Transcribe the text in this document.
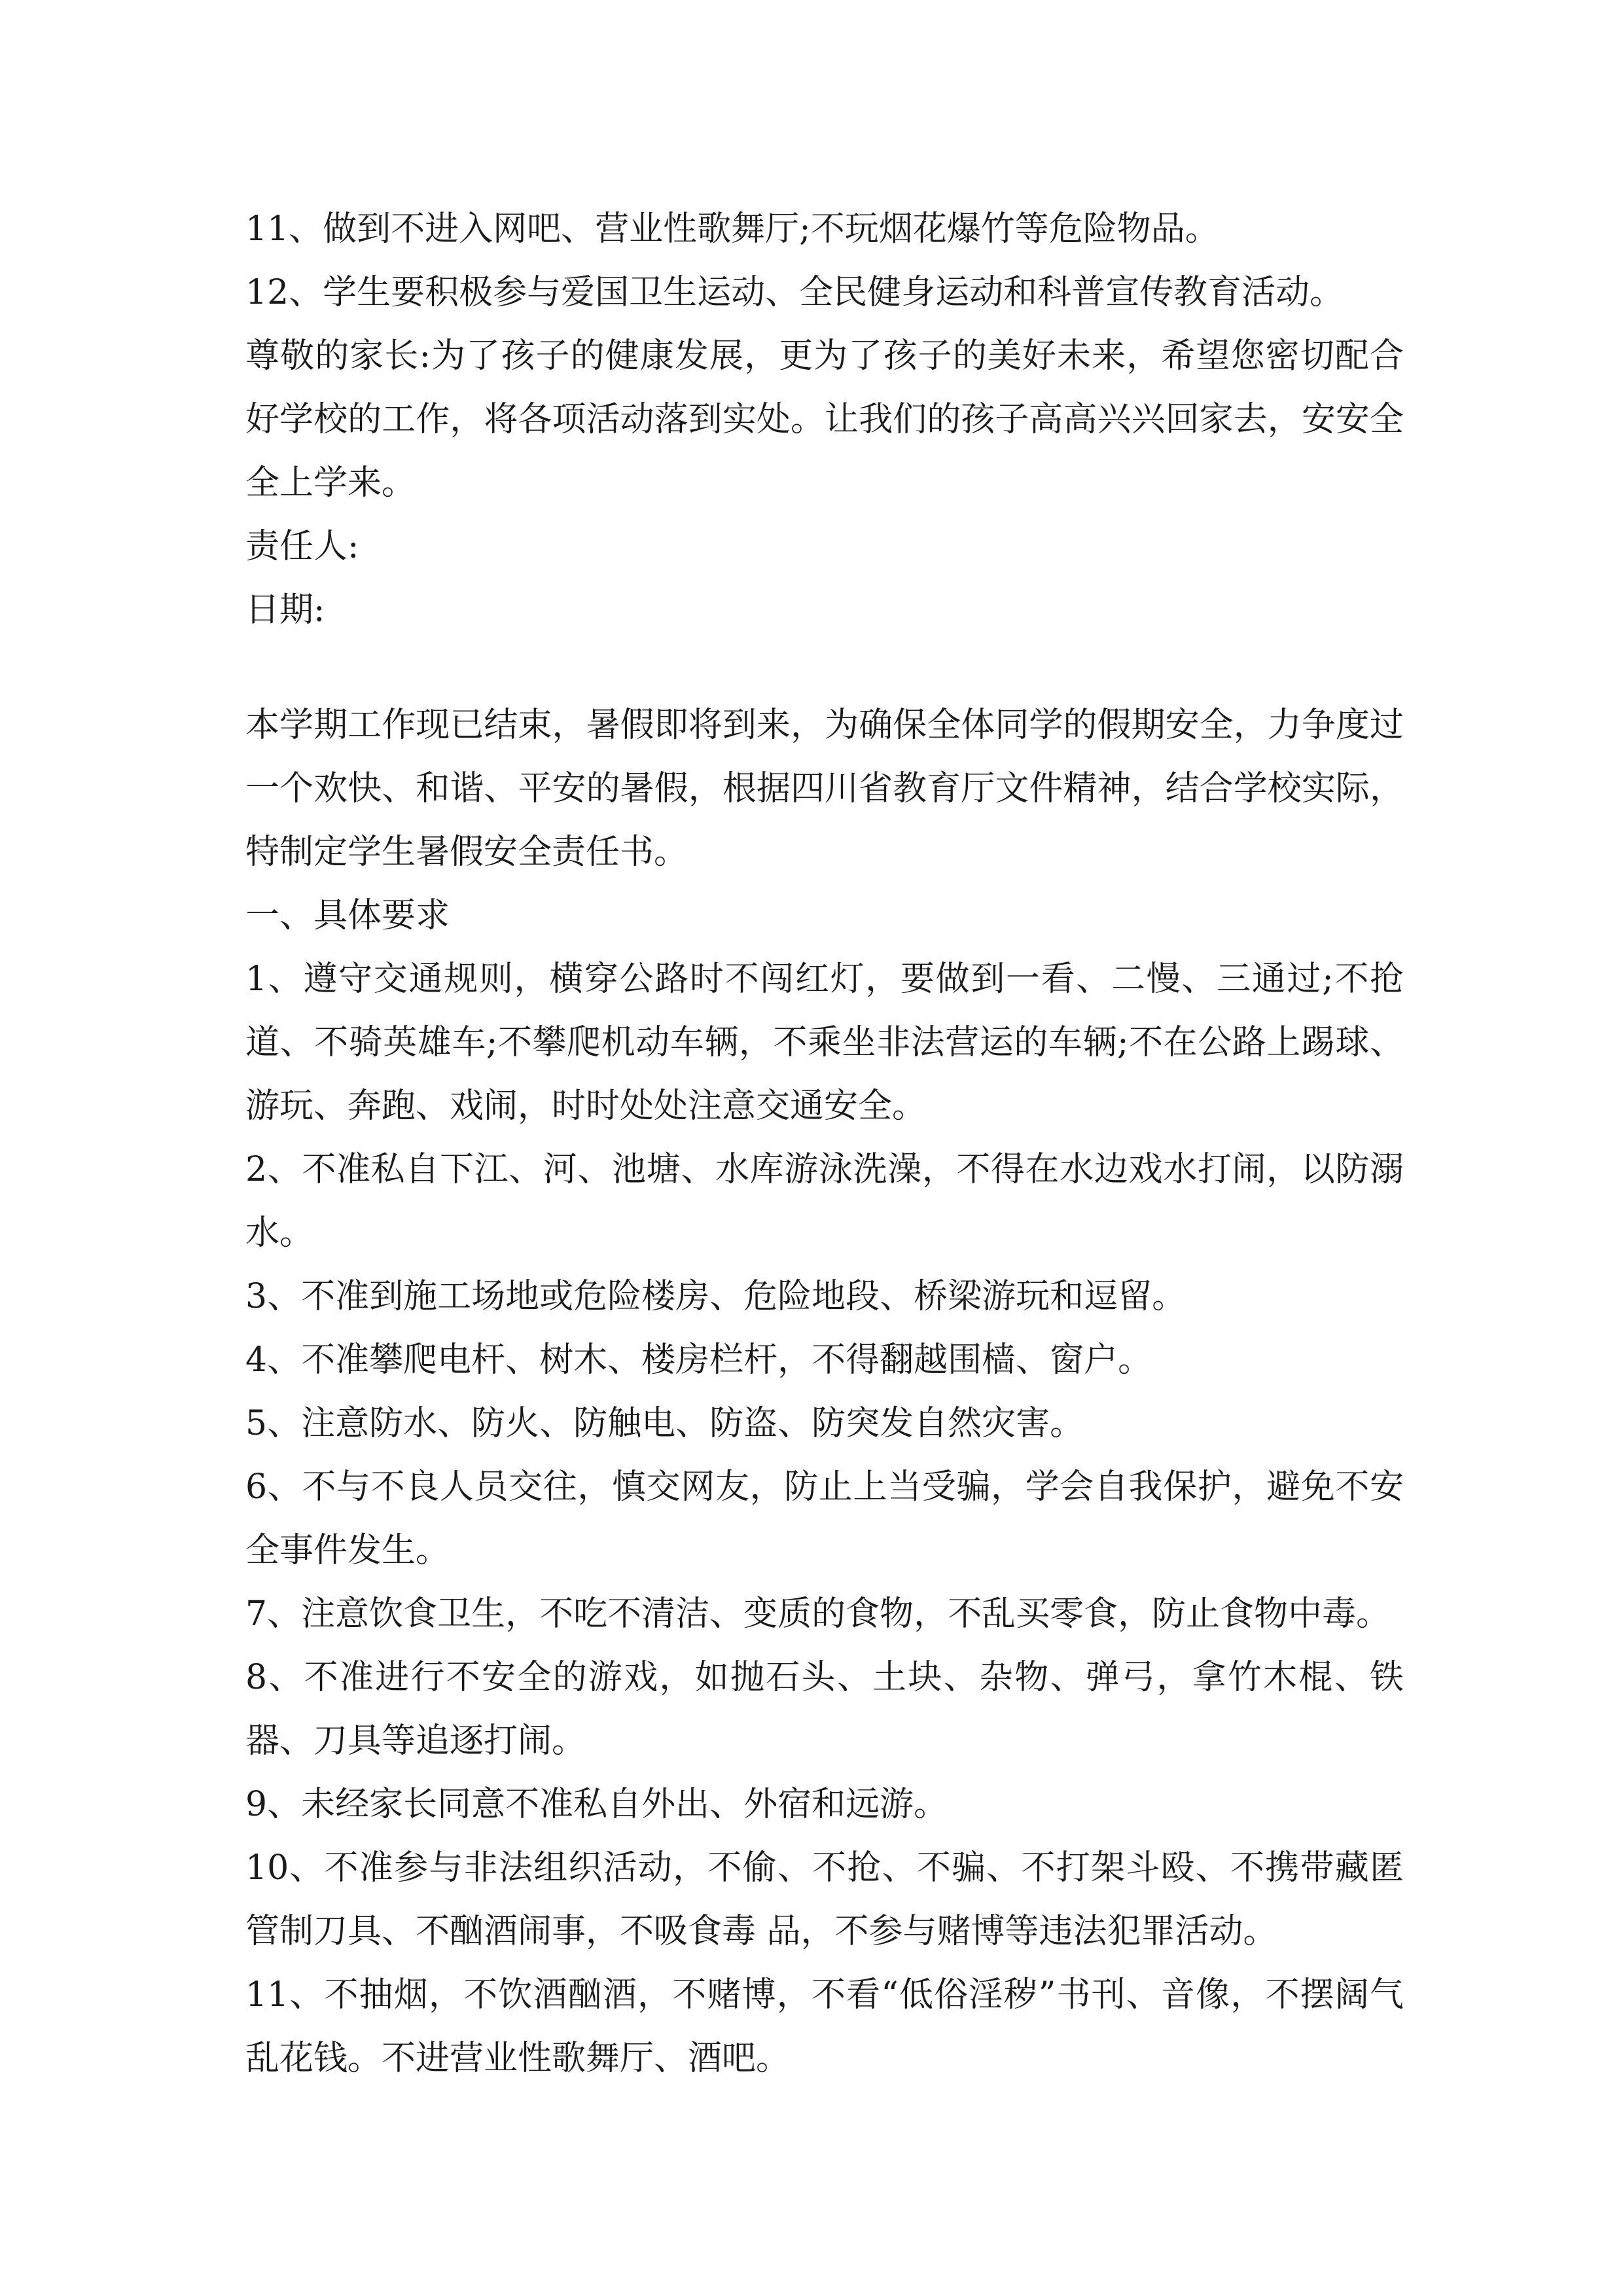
11、做到不进入网吧、营业性歌舞厅;不玩烟花爆竹等危险物品。

12、学生要积极参与爱国卫生运动、全民健身运动和科普宣传教育活动。

尊敬的家长:为了孩子的健康发展，更为了孩子的美好未来，希望您密切配合好学校的工作，将各项活动落到实处。让我们的孩子高高兴兴回家去，安安全全上学来。

责任人:

日期:

本学期工作现已结束，暑假即将到来，为确保全体同学的假期安全，力争度过一个欢快、和谐、平安的暑假，根据四川省教育厅文件精神，结合学校实际，特制定学生暑假安全责任书。

一、具体要求

1、遵守交通规则，横穿公路时不闯红灯，要做到一看、二慢、三通过;不抢道、不骑英雄车;不攀爬机动车辆，不乘坐非法营运的车辆;不在公路上踢球、游玩、奔跑、戏闹，时时处处注意交通安全。

2、不准私自下江、河、池塘、水库游泳洗澡，不得在水边戏水打闹，以防溺水。

3、不准到施工场地或危险楼房、危险地段、桥梁游玩和逗留。

4、不准攀爬电杆、树木、楼房栏杆，不得翻越围樯、窗户。

5、注意防水、防火、防触电、防盗、防突发自然灾害。

6、不与不良人员交往，慎交网友，防止上当受骗，学会自我保护，避免不安全事件发生。

7、注意饮食卫生，不吃不清洁、变质的食物，不乱买零食，防止食物中毒。

8、不准进行不安全的游戏，如抛石头、土块、杂物、弹弓，拿竹木棍、铁器、刀具等追逐打闹。

9、未经家长同意不准私自外出、外宿和远游。

10、不准参与非法组织活动，不偷、不抢、不骗、不打架斗殴、不携带藏匿管制刀具、不酗酒闹事，不吸食毒 品，不参与赌博等违法犯罪活动。

11、不抽烟，不饮酒酗酒，不赌博，不看“低俗淫秽”书刊、音像，不摆阔气乱花钱。不进营业性歌舞厅、酒吧。
